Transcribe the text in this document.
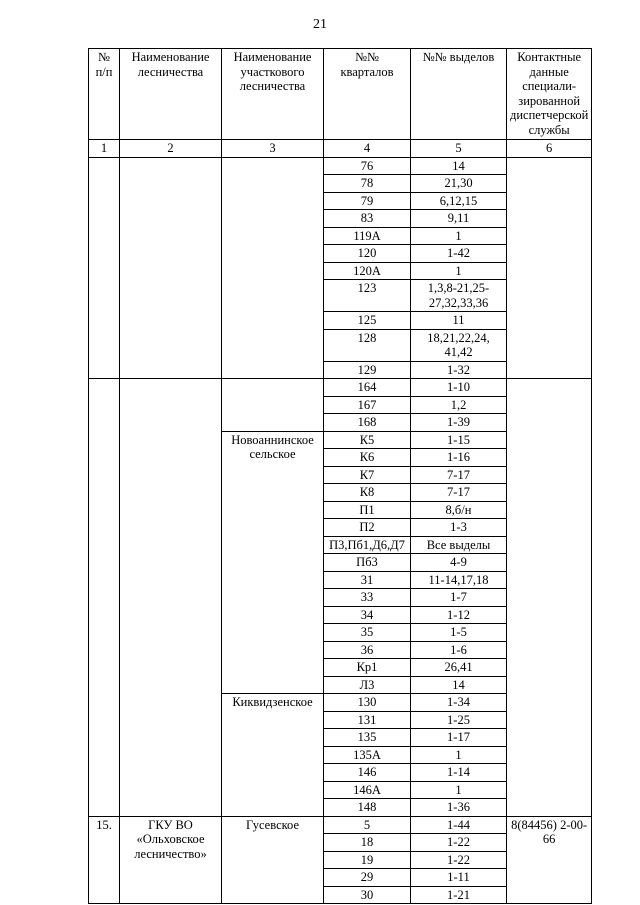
21
№ п/п	Наименование лесничества	Наименование участкового лесничества	№№ кварталов	№№ выделов	Контактные данные специали-зированной диспетчерской службы
1	2	3	4	5	6
			76	14	
			78	21,30	
			79	6,12,15	
			83	9,11	
			119А	1	
			120	1-42	
			120А	1	
			123	1,3,8-21,25-27,32,33,36	
			125	11	
			128	18,21,22,24, 41,42	
			129	1-32	
			164	1-10	
			167	1,2	
			168	1-39	
		Новоаннинское сельское	К5	1-15	
			К6	1-16	
			К7	7-17	
			К8	7-17	
			П1	8,б/н	
			П2	1-3	
			П3,Пб1,Д6,Д7	Все выделы	
			Пб3	4-9	
			31	11-14,17,18	
			33	1-7	
			34	1-12	
			35	1-5	
			36	1-6	
			Кр1	26,41	
			Л3	14	
		Киквидзенское	130	1-34	
			131	1-25	
			135	1-17	
			135А	1	
			146	1-14	
			146А	1	
			148	1-36	
15.	ГКУ ВО «Ольховское лесничество»	Гусевское	5	1-44	8(84456) 2-00-66
			18	1-22	
			19	1-22	
			29	1-11	
			30	1-21	
